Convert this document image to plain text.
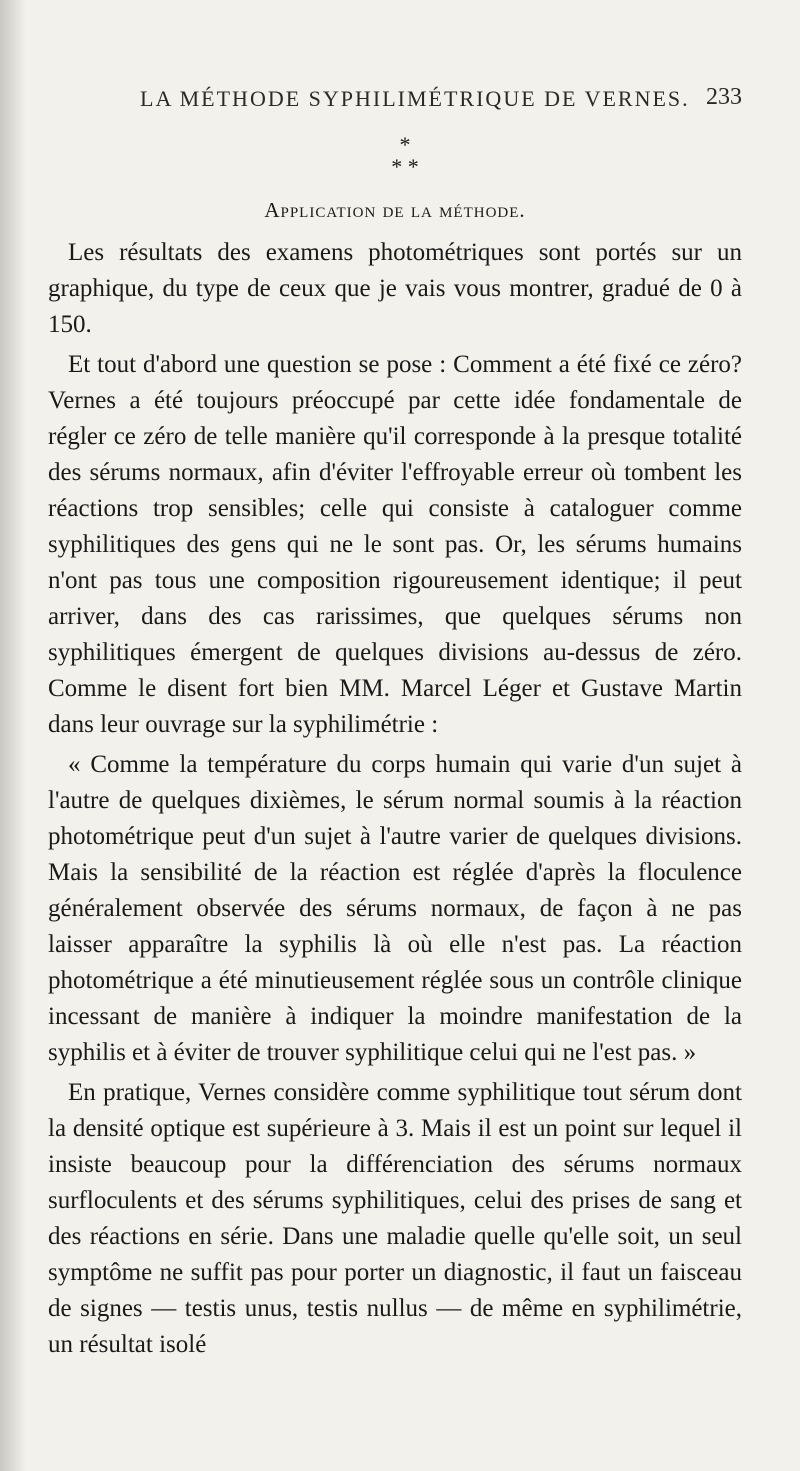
LA MÉTHODE SYPHILIMÉTRIQUE DE VERNES. 233
*
* *
Application de la méthode.

Les résultats des examens photométriques sont portés sur un graphique, du type de ceux que je vais vous montrer, gradué de 0 à 150.

Et tout d'abord une question se pose : Comment a été fixé ce zéro? Vernes a été toujours préoccupé par cette idée fondamentale de régler ce zéro de telle manière qu'il corresponde à la presque totalité des sérums normaux, afin d'éviter l'effroyable erreur où tombent les réactions trop sensibles; celle qui consiste à cataloguer comme syphilitiques des gens qui ne le sont pas. Or, les sérums humains n'ont pas tous une composition rigoureusement identique; il peut arriver, dans des cas rarissimes, que quelques sérums non syphilitiques émergent de quelques divisions au-dessus de zéro. Comme le disent fort bien MM. Marcel Léger et Gustave Martin dans leur ouvrage sur la syphilimétrie :

« Comme la température du corps humain qui varie d'un sujet à l'autre de quelques dixièmes, le sérum normal soumis à la réaction photométrique peut d'un sujet à l'autre varier de quelques divisions. Mais la sensibilité de la réaction est réglée d'après la floculence généralement observée des sérums normaux, de façon à ne pas laisser apparaître la syphilis là où elle n'est pas. La réaction photométrique a été minutieusement réglée sous un contrôle clinique incessant de manière à indiquer la moindre manifestation de la syphilis et à éviter de trouver syphilitique celui qui ne l'est pas. »

En pratique, Vernes considère comme syphilitique tout sérum dont la densité optique est supérieure à 3. Mais il est un point sur lequel il insiste beaucoup pour la différenciation des sérums normaux surfloculents et des sérums syphilitiques, celui des prises de sang et des réactions en série. Dans une maladie quelle qu'elle soit, un seul symptôme ne suffit pas pour porter un diagnostic, il faut un faisceau de signes — testis unus, testis nullus — de même en syphilimétrie, un résultat isolé
